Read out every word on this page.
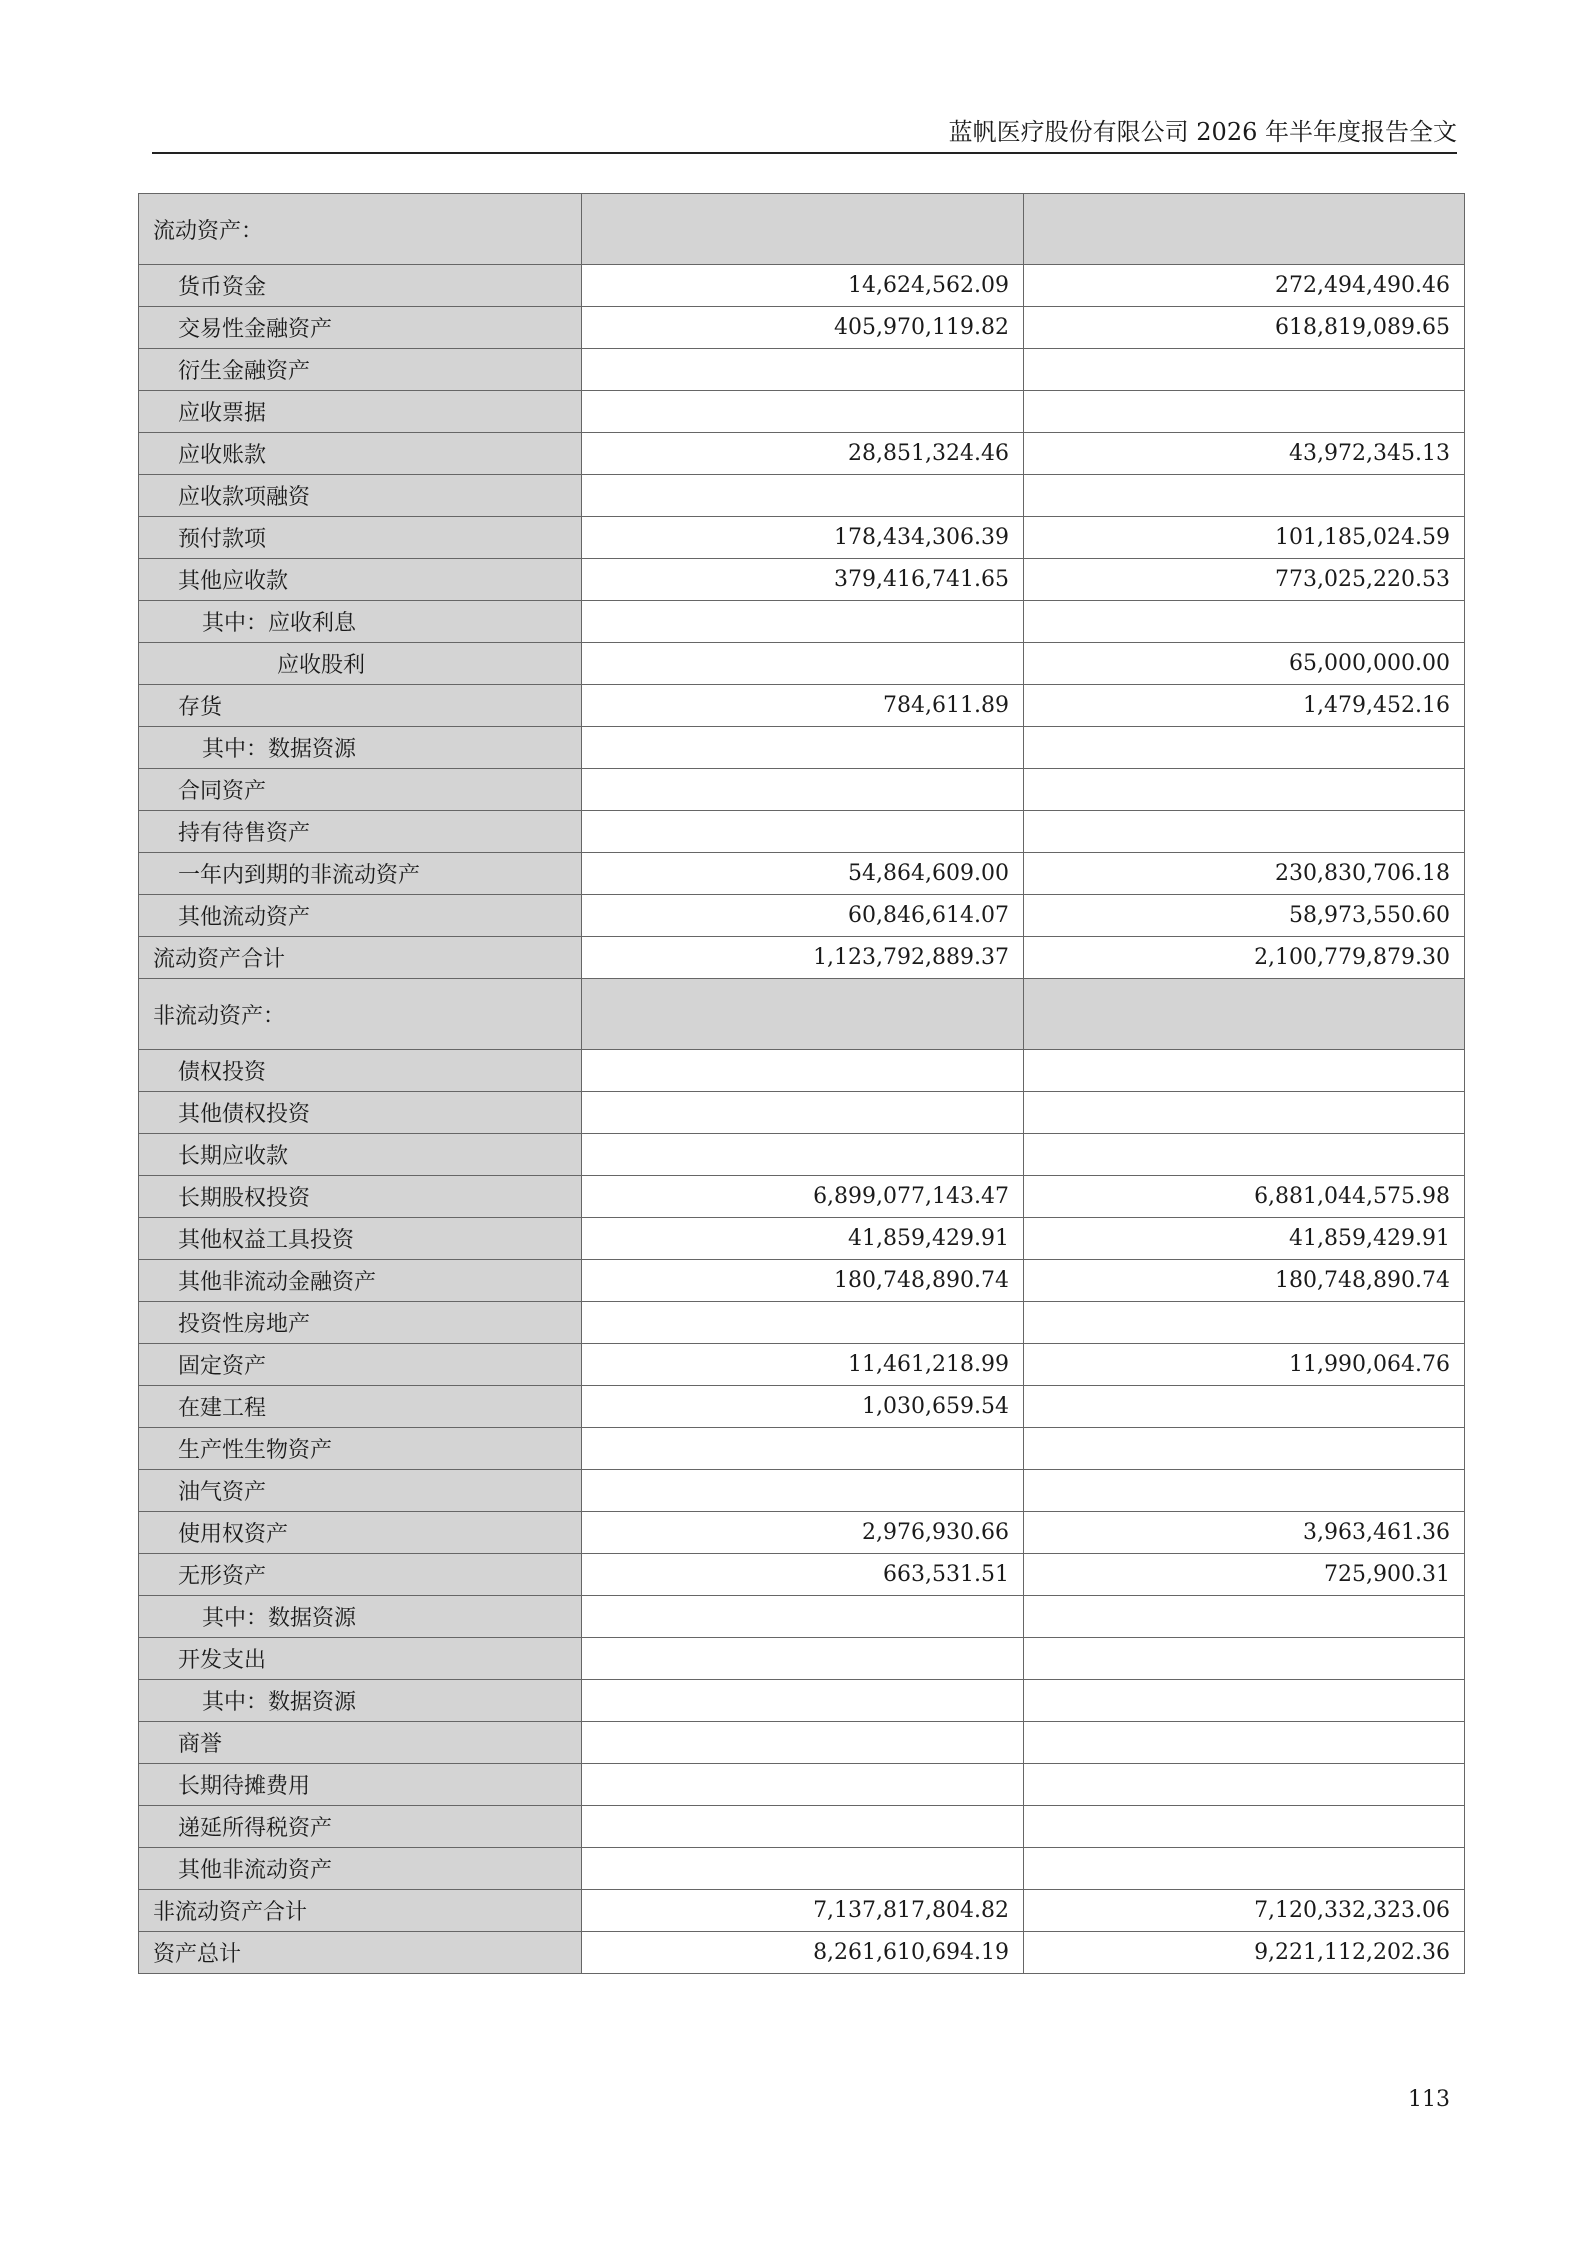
蓝帆医疗股份有限公司 2026 年半年度报告全文
流动资产：		
货币资金	14,624,562.09	272,494,490.46
交易性金融资产	405,970,119.82	618,819,089.65
衍生金融资产		
应收票据		
应收账款	28,851,324.46	43,972,345.13
应收款项融资		
预付款项	178,434,306.39	101,185,024.59
其他应收款	379,416,741.65	773,025,220.53
其中：应收利息		
应收股利		65,000,000.00
存货	784,611.89	1,479,452.16
其中：数据资源		
合同资产		
持有待售资产		
一年内到期的非流动资产	54,864,609.00	230,830,706.18
其他流动资产	60,846,614.07	58,973,550.60
流动资产合计	1,123,792,889.37	2,100,779,879.30
非流动资产：		
债权投资		
其他债权投资		
长期应收款		
长期股权投资	6,899,077,143.47	6,881,044,575.98
其他权益工具投资	41,859,429.91	41,859,429.91
其他非流动金融资产	180,748,890.74	180,748,890.74
投资性房地产		
固定资产	11,461,218.99	11,990,064.76
在建工程	1,030,659.54	
生产性生物资产		
油气资产		
使用权资产	2,976,930.66	3,963,461.36
无形资产	663,531.51	725,900.31
其中：数据资源		
开发支出		
其中：数据资源		
商誉		
长期待摊费用		
递延所得税资产		
其他非流动资产		
非流动资产合计	7,137,817,804.82	7,120,332,323.06
资产总计	8,261,610,694.19	9,221,112,202.36
113
